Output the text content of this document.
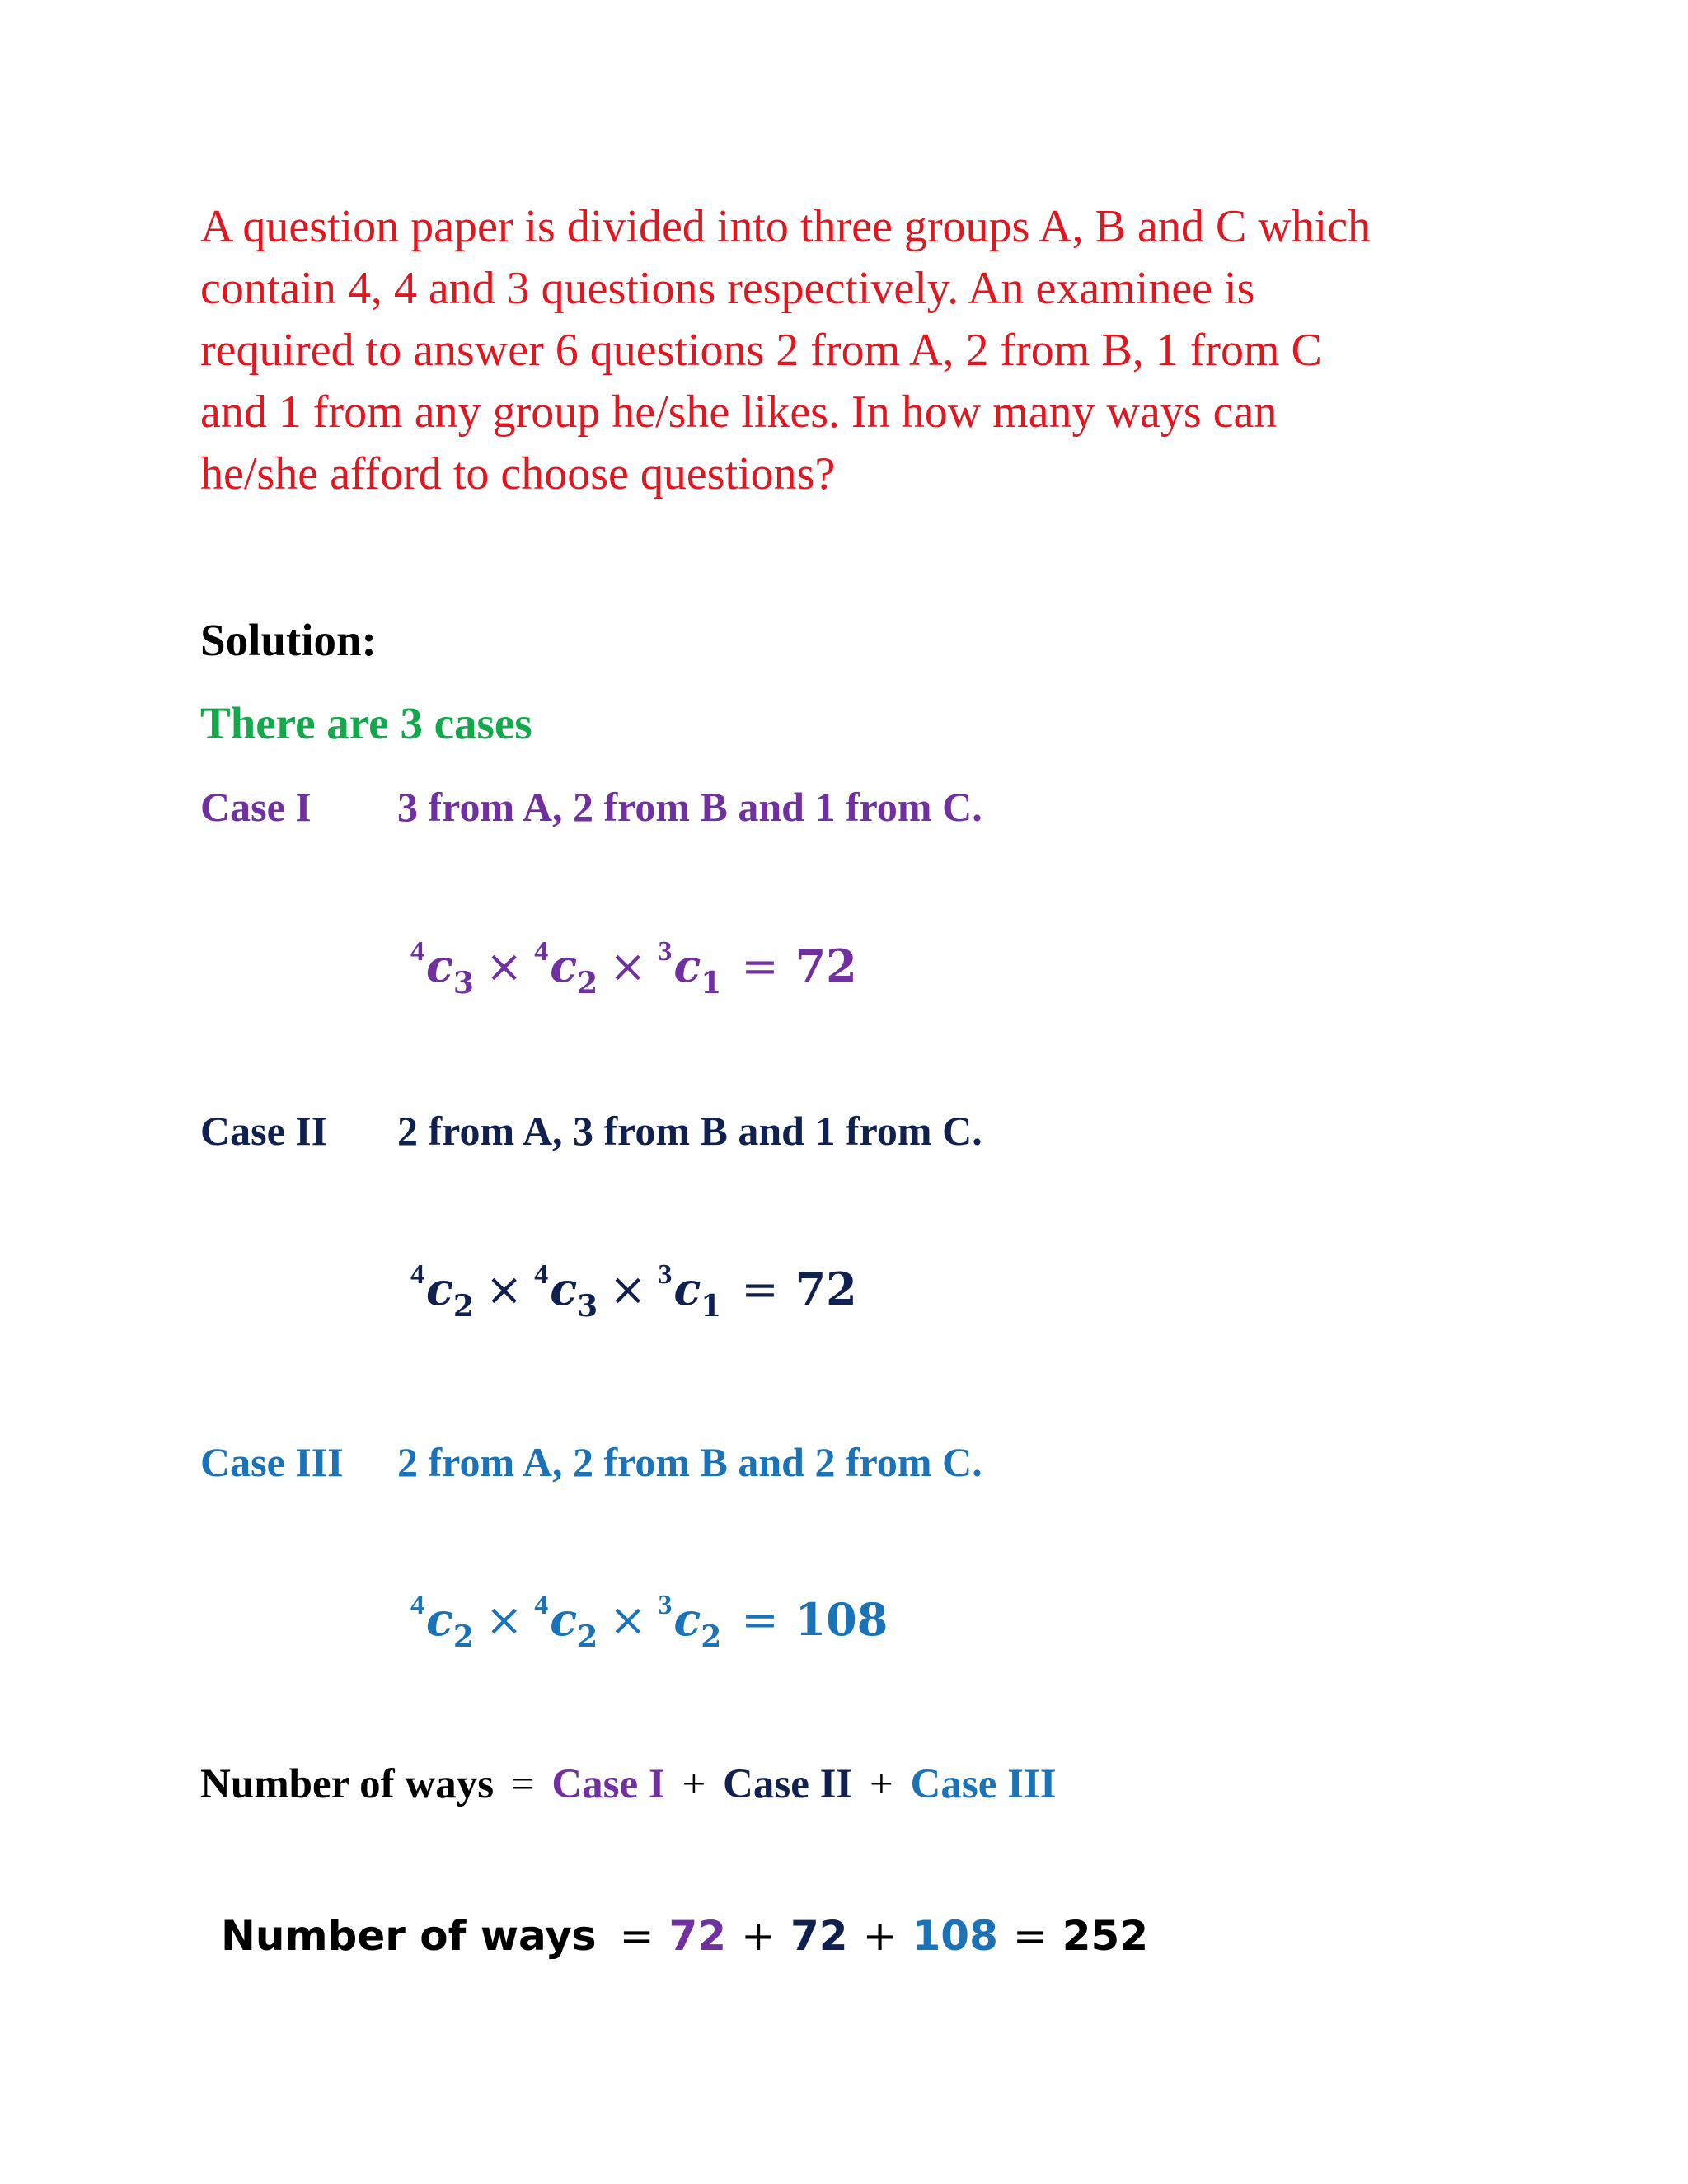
A question paper is divided into three groups A, B and C which
contain 4, 4 and 3 questions respectively. An examinee is
required to answer 6 questions 2 from A, 2 from B, 1 from C
and 1 from any group he/she likes. In how many ways can
he/she afford to choose questions?
Solution:
There are 3 cases
Case I 3 from A, 2 from B and 1 from C.
$^4c_3 \times ^4c_2 \times ^3c_1 = 72$
Case II 2 from A, 3 from B and 1 from C.
$^4c_2 \times ^4c_3 \times ^3c_1 = 72$
Case III 2 from A, 2 from B and 2 from C.
$^4c_2 \times ^4c_2 \times ^3c_2 = 108$
Number of ways = Case I + Case II + Case III
Number of ways = 72 + 72 + 108 = 252
